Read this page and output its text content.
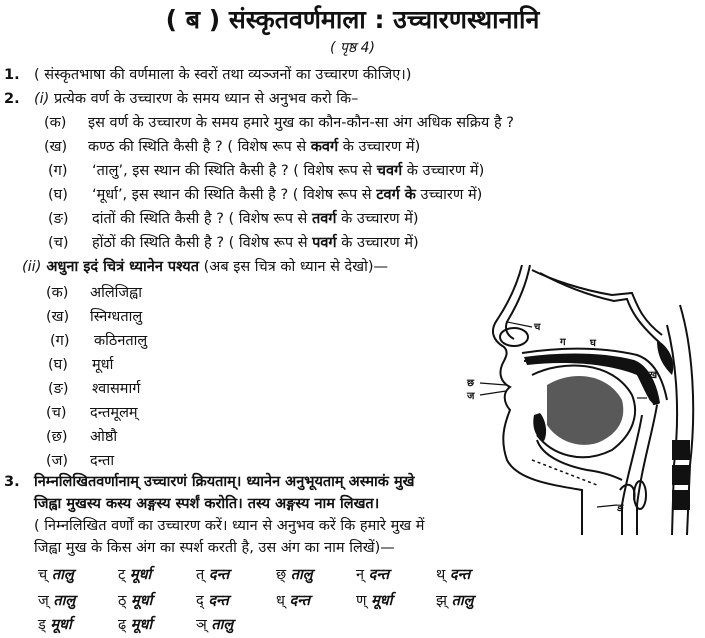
( ब ) संस्कृतवर्णमाला : उच्चारणस्थानानि
( पृष्ठ 4)
1. ( संस्कृतभाषा की वर्णमाला के स्वरों तथा व्यञ्जनों का उच्चारण कीजिए।)
2. (i) प्रत्येक वर्ण के उच्चारण के समय ध्यान से अनुभव करो कि–
(क) इस वर्ण के उच्चारण के समय हमारे मुख का कौन-कौन-सा अंग अधिक सक्रिय है ?
(ख) कण्ठ की स्थिति कैसी है ? ( विशेष रूप से कवर्ग के उच्चारण में)
(ग) ‘तालु’, इस स्थान की स्थिति कैसी है ? ( विशेष रूप से चवर्ग के उच्चारण में)
(घ) ‘मूर्धा’, इस स्थान की स्थिति कैसी है ? ( विशेष रूप से टवर्ग के उच्चारण में)
(ङ) दांतों की स्थिति कैसी है ? ( विशेष रूप से तवर्ग के उच्चारण में)
(च) होंठों की स्थिति कैसी है ? ( विशेष रूप से पवर्ग के उच्चारण में)
(ii) अधुना इदं चित्रं ध्यानेन पश्यत (अब इस चित्र को ध्यान से देखो)—
(क) अलिजिह्वा
(ख) स्निग्धतालु
(ग) कठिनतालु
(घ) मूर्धा
(ङ) श्वासमार्ग
(च) दन्तमूलम्
(छ) ओष्ठौ
(ज) दन्ता
च
ग घ
ख
क
छ
ज
ङ
3. निम्नलिखितवर्णानाम् उच्चारणं क्रियताम्। ध्यानेन अनुभूयताम् अस्माकं मुखे
जिह्वा मुखस्य कस्य अङ्गस्य स्पर्शं करोति। तस्य अङ्गस्य नाम लिखत।
( निम्नलिखित वर्णों का उच्चारण करें। ध्यान से अनुभव करें कि हमारे मुख में
जिह्वा मुख के किस अंग का स्पर्श करती है, उस अंग का नाम लिखें)—
च् तालु	ट् मूर्धा	त् दन्त	छ् तालु	न् दन्त	थ् दन्त
ज् तालु	ठ् मूर्धा	द् दन्त	ध् दन्त	ण् मूर्धा	झ् तालु
ड् मूर्धा	ढ् मूर्धा	ञ् तालु
